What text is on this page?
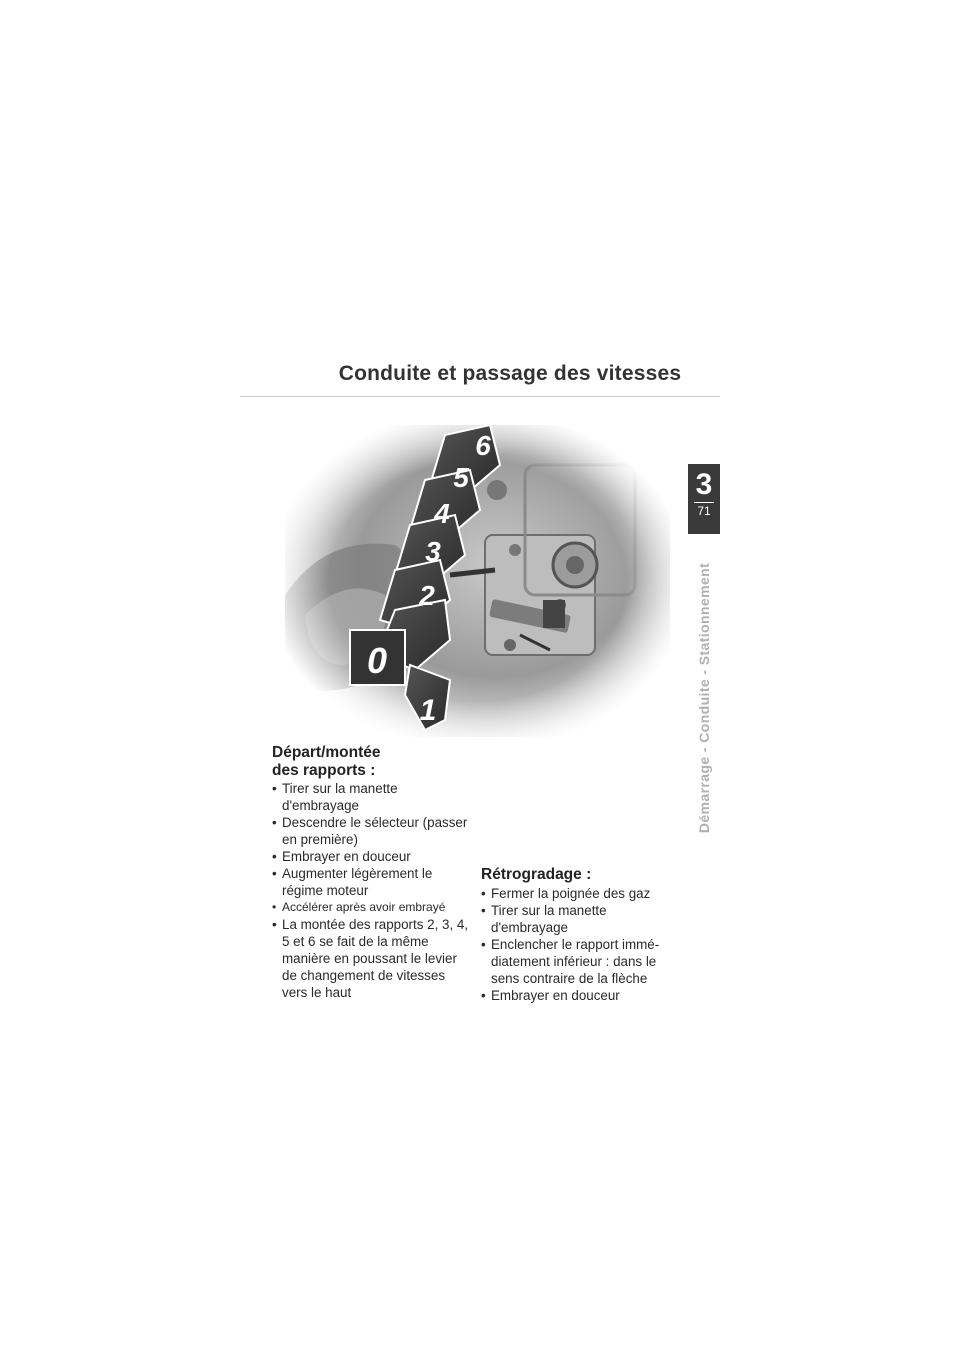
Conduite et passage des vitesses
3
71
Démarrage - Conduite - Stationnement
0
1
2
3
4
5
6
Départ/montée
des rapports :
• Tirer sur la manette d'embrayage
• Descendre le sélecteur (passer en première)
• Embrayer en douceur
• Augmenter légèrement le régime moteur
• Accélérer après avoir embrayé
• La montée des rapports 2, 3, 4, 5 et 6 se fait de la même manière en poussant le levier de changement de vitesses vers le haut
Rétrogradage :
• Fermer la poignée des gaz
• Tirer sur la manette d'embrayage
• Enclencher le rapport immé-diatement inférieur : dans le sens contraire de la flèche
• Embrayer en douceur
